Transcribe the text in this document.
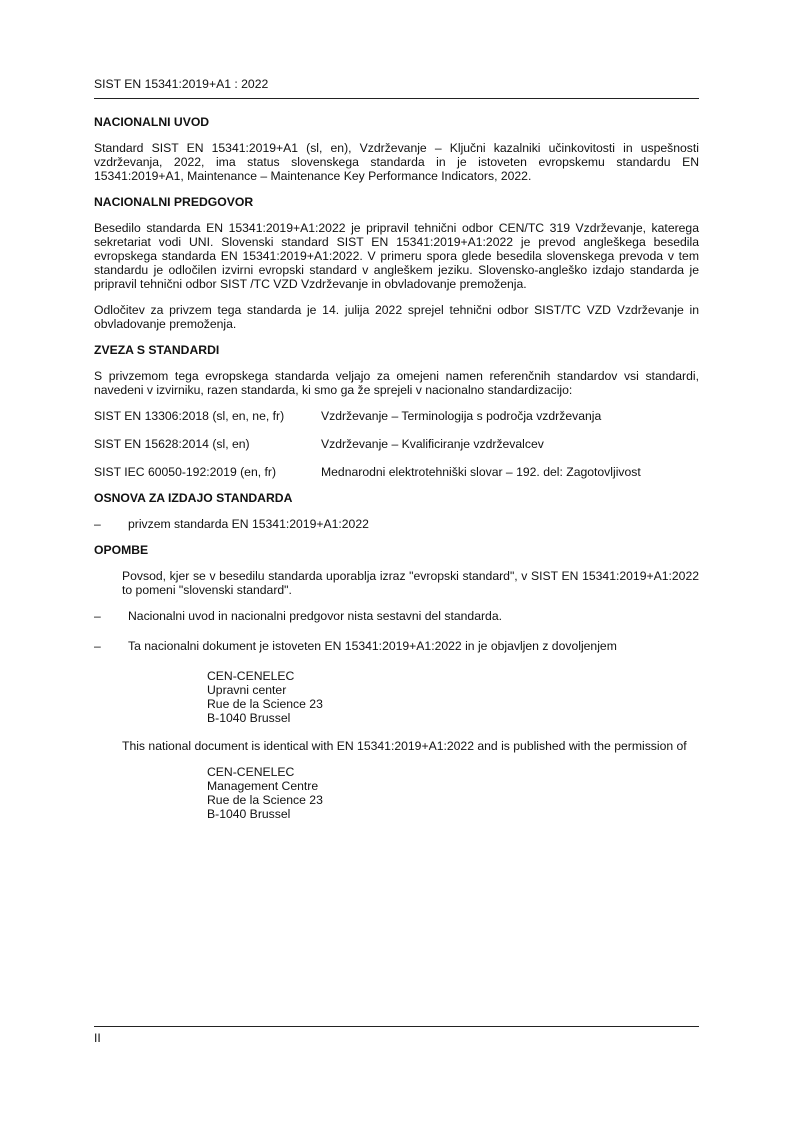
SIST EN 15341:2019+A1 : 2022
NACIONALNI UVOD

Standard SIST EN 15341:2019+A1 (sl, en), Vzdrževanje – Ključni kazalniki učinkovitosti in uspešnosti vzdrževanja, 2022, ima status slovenskega standarda in je istoveten evropskemu standardu EN 15341:2019+A1, Maintenance – Maintenance Key Performance Indicators, 2022.

NACIONALNI PREDGOVOR

Besedilo standarda EN 15341:2019+A1:2022 je pripravil tehnični odbor CEN/TC 319 Vzdrževanje, katerega sekretariat vodi UNI. Slovenski standard SIST EN 15341:2019+A1:2022 je prevod angleškega besedila evropskega standarda EN 15341:2019+A1:2022. V primeru spora glede besedila slovenskega prevoda v tem standardu je odločilen izvirni evropski standard v angleškem jeziku. Slovensko-angleško izdajo standarda je pripravil tehnični odbor SIST /TC VZD Vzdrževanje in obvladovanje premoženja.

Odločitev za privzem tega standarda je 14. julija 2022 sprejel tehnični odbor SIST/TC VZD Vzdrževanje in obvladovanje premoženja.

ZVEZA S STANDARDI

S privzemom tega evropskega standarda veljajo za omejeni namen referenčnih standardov vsi standardi, navedeni v izvirniku, razen standarda, ki smo ga že sprejeli v nacionalno standardizacijo:

SIST EN 13306:2018 (sl, en, ne, fr)	Vzdrževanje – Terminologija s področja vzdrževanja
SIST EN 15628:2014 (sl, en)	Vzdrževanje – Kvalificiranje vzdrževalcev
SIST IEC 60050-192:2019 (en, fr)	Mednarodni elektrotehniški slovar – 192. del: Zagotovljivost
OSNOVA ZA IZDAJO STANDARDA
–	privzem standarda EN 15341:2019+A1:2022
OPOMBE

Povsod, kjer se v besedilu standarda uporablja izraz "evropski standard", v SIST EN 15341:2019+A1:2022 to pomeni "slovenski standard".

–	Nacionalni uvod in nacionalni predgovor nista sestavni del standarda.
–	Ta nacionalni dokument je istoveten EN 15341:2019+A1:2022 in je objavljen z dovoljenjem
CEN-CENELEC
Upravni center
Rue de la Science 23
B-1040 Brussel

This national document is identical with EN 15341:2019+A1:2022 and is published with the permission of

CEN-CENELEC
Management Centre
Rue de la Science 23
B-1040 Brussel
II
